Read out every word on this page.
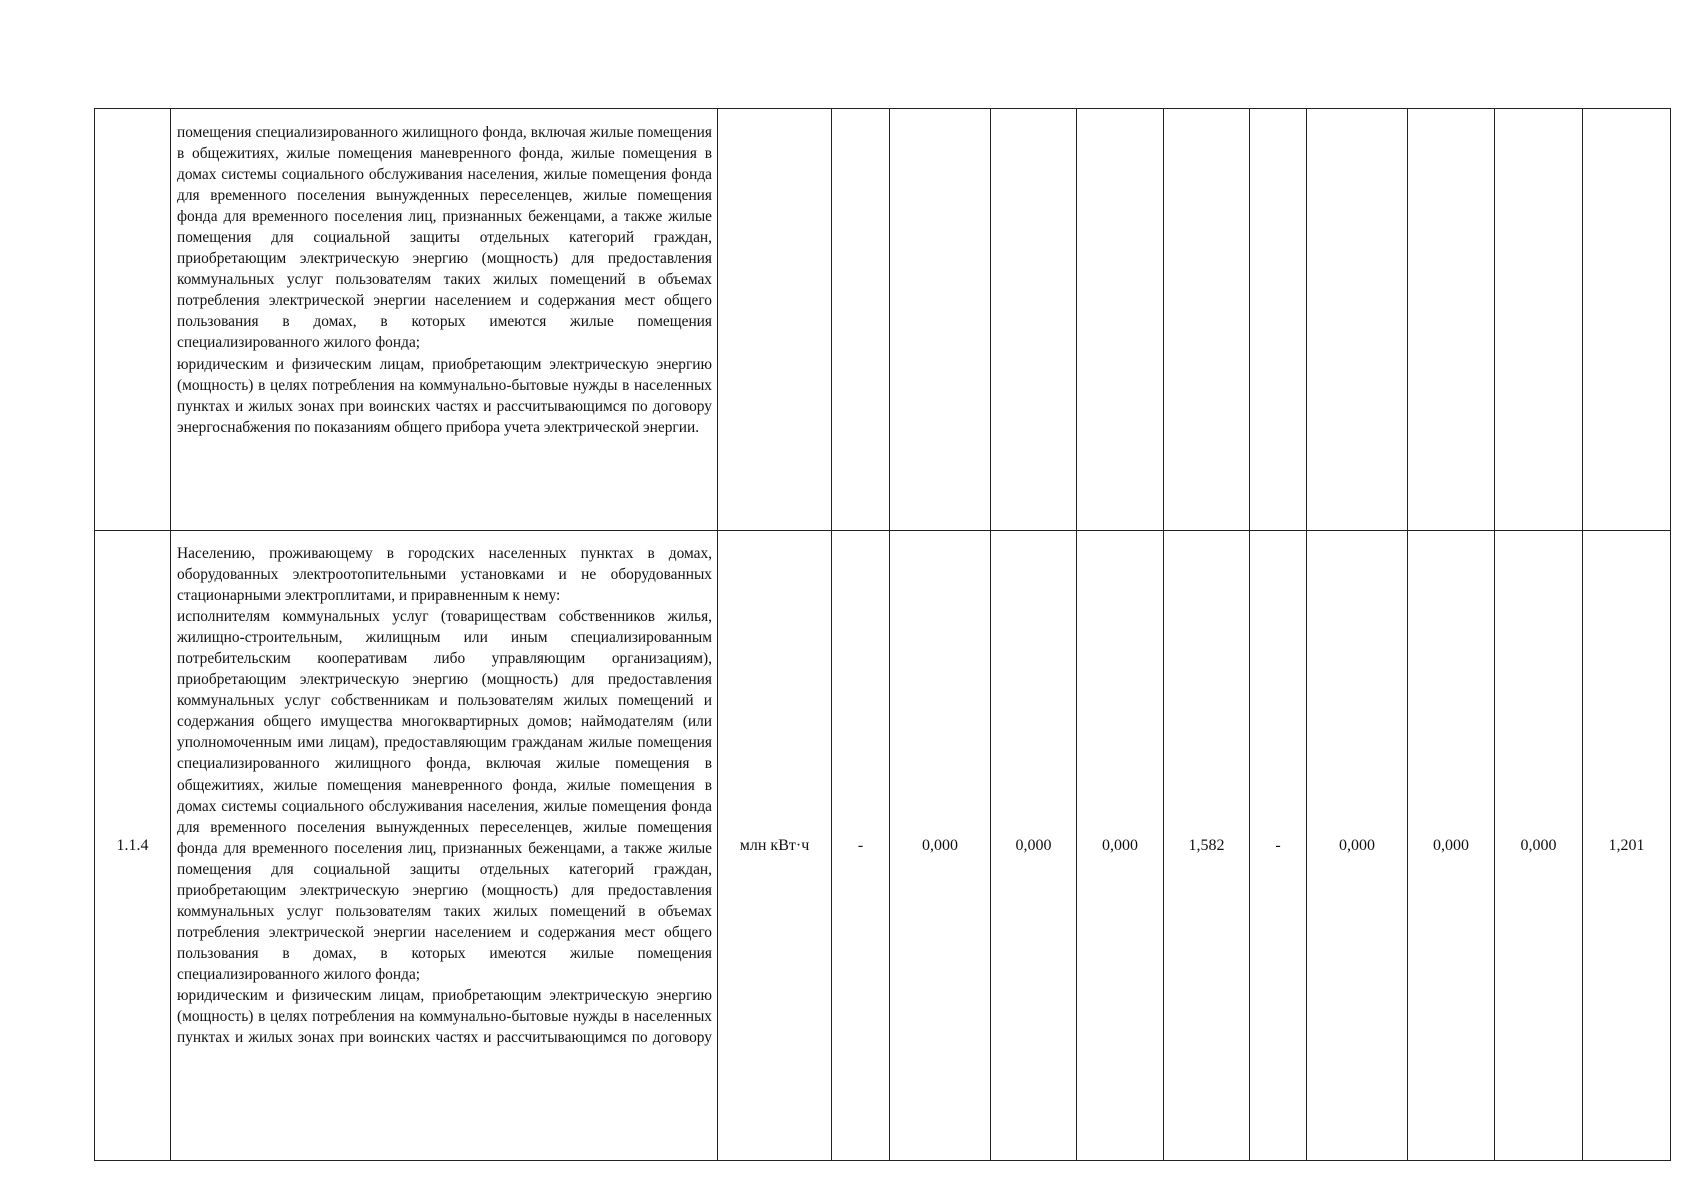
	помещения специализированного жилищного фонда, включая жилые помещения в общежитиях, жилые помещения маневренного фонда, жилые помещения в домах системы социального обслуживания населения, жилые помещения фонда для временного поселения вынужденных переселенцев, жилые помещения фонда для временного поселения лиц, признанных беженцами, а также жилые помещения для социальной защиты отдельных категорий граждан, приобретающим электрическую энергию (мощность) для предоставления коммунальных услуг пользователям таких жилых помещений в объемах потребления электрической энергии населением и содержания мест общего пользования в домах, в которых имеются жилые помещения специализированного жилого фонда;

юридическим и физическим лицам, приобретающим электрическую энергию (мощность) в целях потребления на коммунально-бытовые нужды в населенных пунктах и жилых зонах при воинских частях и рассчитывающимся по договору энергоснабжения по показаниям общего прибора учета электрической энергии.											

1.1.4	Населению, проживающему в городских населенных пунктах в домах, оборудованных электроотопительными установками и не оборудованных стационарными электроплитами, и приравненным к нему:

исполнителям коммунальных услуг (товариществам собственников жилья, жилищно-строительным, жилищным или иным специализированным потребительским кооперативам либо управляющим организациям), приобретающим электрическую энергию (мощность) для предоставления коммунальных услуг собственникам и пользователям жилых помещений и содержания общего имущества многоквартирных домов; наймодателям (или уполномоченным ими лицам), предоставляющим гражданам жилые помещения специализированного жилищного фонда, включая жилые помещения в общежитиях, жилые помещения маневренного фонда, жилые помещения в домах системы социального обслуживания населения, жилые помещения фонда для временного поселения вынужденных переселенцев, жилые помещения фонда для временного поселения лиц, признанных беженцами, а также жилые помещения для социальной защиты отдельных категорий граждан, приобретающим электрическую энергию (мощность) для предоставления коммунальных услуг пользователям таких жилых помещений в объемах потребления электрической энергии населением и содержания мест общего пользования в домах, в которых имеются жилые помещения специализированного жилого фонда;

юридическим и физическим лицам, приобретающим электрическую энергию (мощность) в целях потребления на коммунально-бытовые нужды в населенных пунктах и жилых зонах при воинских частях и рассчитывающимся по договору	млн кВт·ч	-	0,000	0,000	0,000	1,582	-	0,000	0,000	0,000	1,201
